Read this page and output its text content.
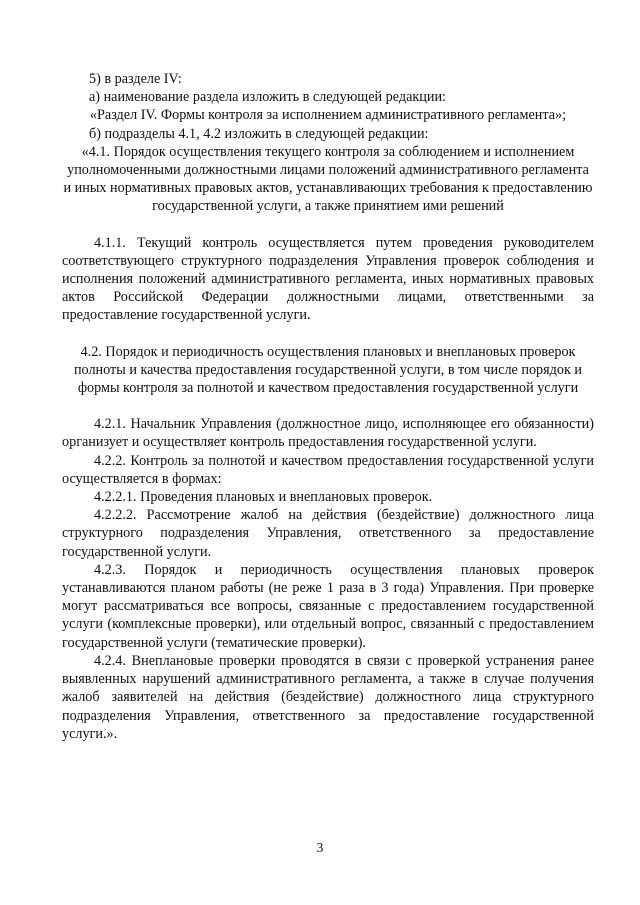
5) в разделе IV:

а) наименование раздела изложить в следующей редакции:

«Раздел IV. Формы контроля за исполнением административного регламента»;

б) подразделы 4.1, 4.2 изложить в следующей редакции:

«4.1. Порядок осуществления текущего контроля за соблюдением и исполнением уполномоченными должностными лицами положений административного регламента и иных нормативных правовых актов, устанавливающих требования к предоставлению государственной услуги, а также принятием ими решений

4.1.1. Текущий контроль осуществляется путем проведения руководителем соответствующего структурного подразделения Управления проверок соблюдения и исполнения положений административного регламента, иных нормативных правовых актов Российской Федерации должностными лицами, ответственными за предоставление государственной услуги.

4.2. Порядок и периодичность осуществления плановых и внеплановых проверок полноты и качества предоставления государственной услуги, в том числе порядок и формы контроля за полнотой и качеством предоставления государственной услуги

4.2.1. Начальник Управления (должностное лицо, исполняющее его обязанности) организует и осуществляет контроль предоставления государственной услуги.

4.2.2. Контроль за полнотой и качеством предоставления государственной услуги осуществляется в формах:

4.2.2.1. Проведения плановых и внеплановых проверок.

4.2.2.2. Рассмотрение жалоб на действия (бездействие) должностного лица структурного подразделения Управления, ответственного за предоставление государственной услуги.

4.2.3. Порядок и периодичность осуществления плановых проверок устанавливаются планом работы (не реже 1 раза в 3 года) Управления. При проверке могут рассматриваться все вопросы, связанные с предоставлением государственной услуги (комплексные проверки), или отдельный вопрос, связанный с предоставлением государственной услуги (тематические проверки).

4.2.4. Внеплановые проверки проводятся в связи с проверкой устранения ранее выявленных нарушений административного регламента, а также в случае получения жалоб заявителей на действия (бездействие) должностного лица структурного подразделения Управления, ответственного за предоставление государственной услуги.».

3
